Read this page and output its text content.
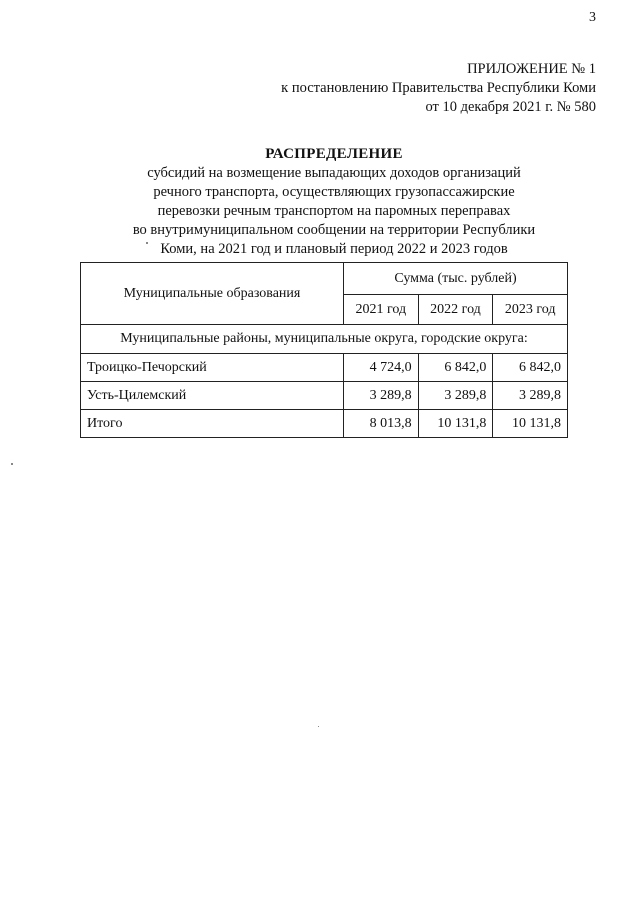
3
ПРИЛОЖЕНИЕ № 1
к постановлению Правительства Республики Коми
от 10 декабря 2021 г. № 580
РАСПРЕДЕЛЕНИЕ
субсидий на возмещение выпадающих доходов организаций
речного транспорта, осуществляющих грузопассажирские
перевозки речным транспортом на паромных переправах
во внутримуниципальном сообщении на территории Республики
Коми, на 2021 год и плановый период 2022 и 2023 годов
Муниципальные образования	Сумма (тыс. рублей)		
	2021 год	2022 год	2023 год
Муниципальные районы, муниципальные округа, городские округа:			
Троицко-Печорский	4 724,0	6 842,0	6 842,0
Усть-Цилемский	3 289,8	3 289,8	3 289,8
Итого	8 013,8	10 131,8	10 131,8
